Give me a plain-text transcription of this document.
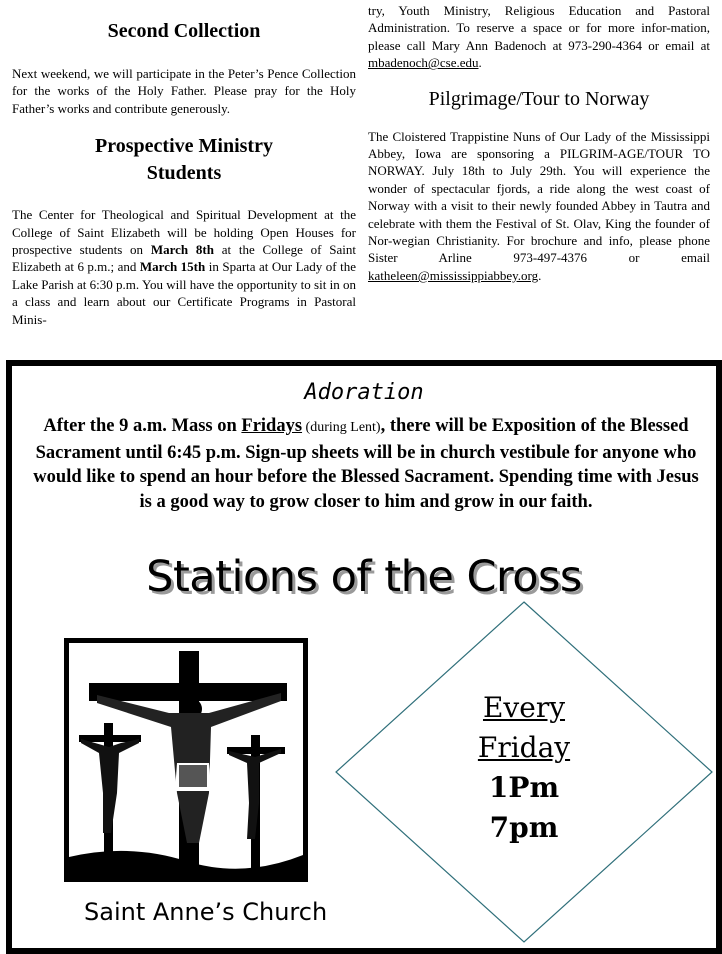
Second Collection

Next weekend, we will participate in the Peter’s Pence Collection for the works of the Holy Father. Please pray for the Holy Father’s works and contribute generously.

Prospective Ministry
Students

The Center for Theological and Spiritual Development at the College of Saint Elizabeth will be holding Open Houses for prospective students on March 8th at the College of Saint Elizabeth at 6 p.m.; and March 15th in Sparta at Our Lady of the Lake Parish at 6:30 p.m. You will have the opportunity to sit in on a class and learn about our Certificate Programs in Pastoral Minis-

try, Youth Ministry, Religious Education and Pastoral Administration. To reserve a space or for more infor-mation, please call Mary Ann Badenoch at 973-290-4364 or email at mbadenoch@cse.edu.

Pilgrimage/Tour to Norway

The Cloistered Trappistine Nuns of Our Lady of the Mississippi Abbey, Iowa are sponsoring a PILGRIM-AGE/TOUR TO NORWAY. July 18th to July 29th. You will experience the wonder of spectacular fjords, a ride along the west coast of Norway with a visit to their newly founded Abbey in Tautra and celebrate with them the Festival of St. Olav, King the founder of Nor-wegian Christianity. For brochure and info, please phone Sister Arline 973-497-4376 or email katheleen@mississippiabbey.org.

Adoration
After the 9 a.m. Mass on Fridays (during Lent), there will be Exposition of the Blessed Sacrament until 6:45 p.m. Sign-up sheets will be in church vestibule for anyone who would like to spend an hour before the Blessed Sacrament. Spending time with Jesus is a good way to grow closer to him and grow in our faith.
Stations of the Cross
Saint Anne’s Church
Every
Friday
1Pm
7pm
